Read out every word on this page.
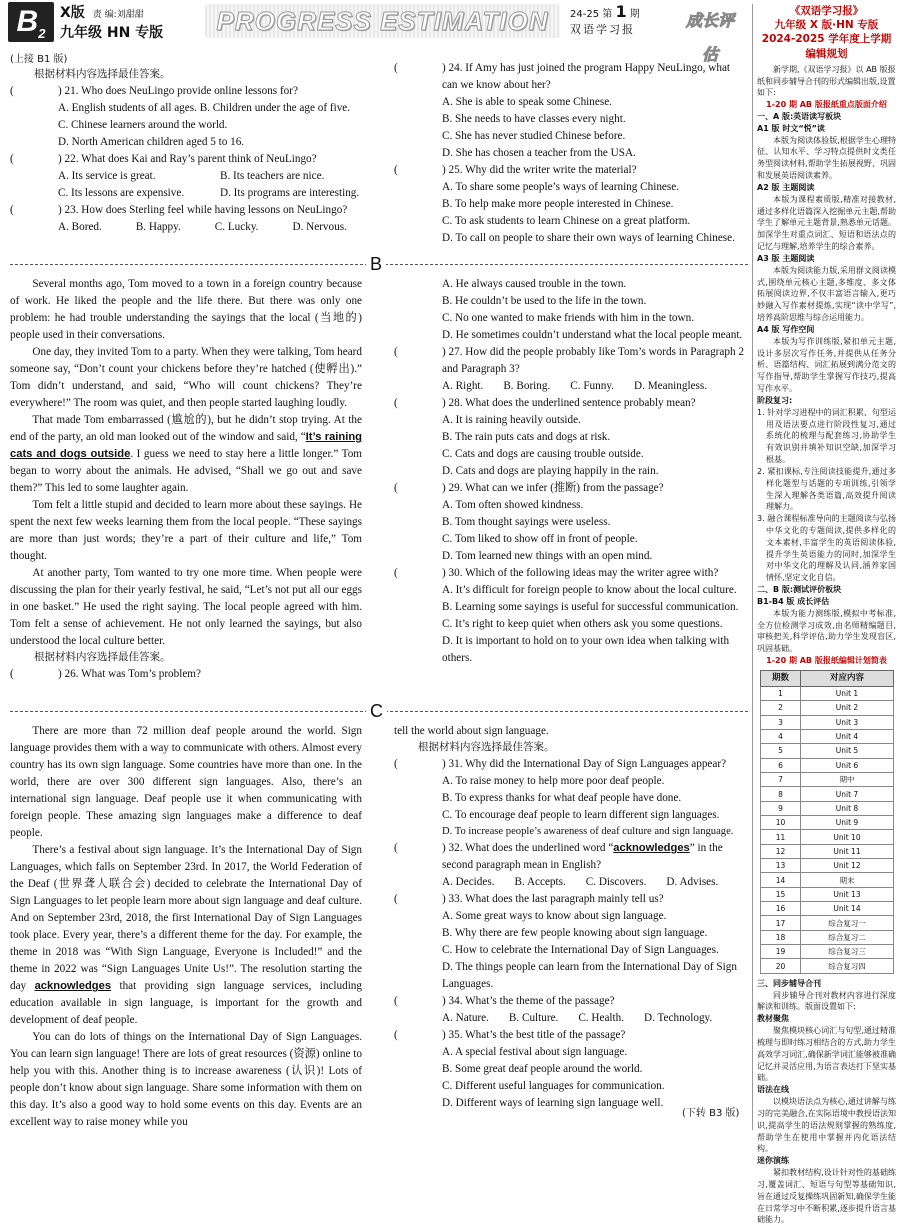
$B_2$
X版 责 编:刘甜甜
九年级 HN 专版	PROGRESS ESTIMATION	24-25 第 1 期
双语学习报	成长评估
(上接 B1 版)
根据材料内容选择最佳答案。
(	) 21. Who does NeuLingo provide online lessons for?
A. English students of all ages. B. Children under the age of five.
C. Chinese learners around the world.
D. North American children aged 5 to 16.
(	) 22. What does Kai and Ray’s parent think of NeuLingo?
A. Its service is great.	B. Its teachers are nice.
C. Its lessons are expensive.	D. Its programs are interesting.
(	) 23. How does Sterling feel while having lessons on NeuLingo?
A. Bored.	B. Happy.	C. Lucky.	D. Nervous.
(	) 24. If Amy has just joined the program Happy NeuLingo, what can we know about her?
A. She is able to speak some Chinese.
B. She needs to have classes every night.
C. She has never studied Chinese before.
D. She has chosen a teacher from the USA.
(	) 25. Why did the writer write the material?
A. To share some people’s ways of learning Chinese.
B. To help make more people interested in Chinese.
C. To ask students to learn Chinese on a great platform.
D. To call on people to share their own ways of learning Chinese.
B
Several months ago, Tom moved to a town in a foreign country because of work. He liked the people and the life there. But there was only one problem: he had trouble understanding the sayings that the local (当地的) people used in their conversations.
One day, they invited Tom to a party. When they were talking, Tom heard someone say, “Don’t count your chickens before they’re hatched (使孵出).” Tom didn’t understand, and said, “Who will count chickens? They’re everywhere!” The room was quiet, and then people started laughing loudly.
That made Tom embarrassed (尴尬的), but he didn’t stop trying. At the end of the party, an old man looked out of the window and said, “It’s raining cats and dogs outside. I guess we need to stay here a little longer.” Tom began to worry about the animals. He advised, “Shall we go out and save them?” This led to some laughter again.
Tom felt a little stupid and decided to learn more about these sayings. He spent the next few weeks learning them from the local people. “These sayings are more than just words; they’re a part of their culture and life,” Tom thought.
At another party, Tom wanted to try one more time. When people were discussing the plan for their yearly festival, he said, “Let’s not put all our eggs in one basket.” He used the right saying. The local people agreed with him. Tom felt a sense of achievement. He not only learned the sayings, but also understood the local culture better.
根据材料内容选择最佳答案。
(	) 26. What was Tom’s problem?
A. He always caused trouble in the town.
B. He couldn’t be used to the life in the town.
C. No one wanted to make friends with him in the town.
D. He sometimes couldn’t understand what the local people meant.
(	) 27. How did the people probably like Tom’s words in Paragraph 2 and Paragraph 3?
A. Right. B. Boring. C. Funny. D. Meaningless.
(	) 28. What does the underlined sentence probably mean?
A. It is raining heavily outside.
B. The rain puts cats and dogs at risk.
C. Cats and dogs are causing trouble outside.
D. Cats and dogs are playing happily in the rain.
(	) 29. What can we infer (推断) from the passage?
A. Tom often showed kindness.
B. Tom thought sayings were useless.
C. Tom liked to show off in front of people.
D. Tom learned new things with an open mind.
(	) 30. Which of the following ideas may the writer agree with?
A. It’s difficult for foreign people to know about the local culture.
B. Learning some sayings is useful for successful communication.
C. It’s right to keep quiet when others ask you some questions.
D. It is important to hold on to your own idea when talking with others.
C
There are more than 72 million deaf people around the world. Sign language provides them with a way to communicate with others. Almost every country has its own sign language. Some countries have more than one. In the world, there are over 300 different sign languages. Also, there’s an international sign language. Deaf people use it when communicating with foreign people. These amazing sign languages make a difference to deaf people.
There’s a festival about sign language. It’s the International Day of Sign Languages, which falls on September 23rd. In 2017, the World Federation of the Deaf (世界聋人联合会) decided to celebrate the International Day of Sign Languages to let people learn more about sign language and deaf culture. And on September 23rd, 2018, the first International Day of Sign Languages took place. Every year, there’s a different theme for the day. For example, the theme in 2018 was “With Sign Language, Everyone is Included!” and the theme in 2022 was “Sign Languages Unite Us!”. The resolution starting the day acknowledges that providing sign language services, including education available in sign language, is important for the growth and development of deaf people.
You can do lots of things on the International Day of Sign Languages. You can learn sign language! There are lots of great resources (资源) online to help you with this. Another thing is to increase awareness (认识)! Lots of people don’t know about sign language. Share some information with them on this day. It’s also a good way to hold some events on this day. Events are an excellent way to raise money while you
tell the world about sign language.
根据材料内容选择最佳答案。
(	) 31. Why did the International Day of Sign Languages appear?
A. To raise money to help more poor deaf people.
B. To express thanks for what deaf people have done.
C. To encourage deaf people to learn different sign languages.
D. To increase people’s awareness of deaf culture and sign language.
(	) 32. What does the underlined word “acknowledges” in the second paragraph mean in English?
A. Decides. B. Accepts. C. Discovers. D. Advises.
(	) 33. What does the last paragraph mainly tell us?
A. Some great ways to know about sign language.
B. Why there are few people knowing about sign language.
C. How to celebrate the International Day of Sign Languages.
D. The things people can learn from the International Day of Sign Languages.
(	) 34. What’s the theme of the passage?
A. Nature. B. Culture. C. Health. D. Technology.
(	) 35. What’s the best title of the passage?
A. A special festival about sign language.
B. Some great deaf people around the world.
C. Different useful languages for communication.
D. Different ways of learning sign language well.
(下转 B3 版)
《双语学习报》
九年级 X 版·HN 专版
2024-2025 学年度上学期
编辑规划
新学期,《双语学习报》以 AB 版报纸和同步辅导合刊的形式编辑出版,设置如下:
1-20 期 AB 版报纸重点版面介绍
一、A 版:英语读写板块
A1 版 时文“悦”读
本版为阅读体验版,根据学生心理特征、认知水平、学习特点提供时文类任务型阅读材料,帮助学生拓展视野、巩固和发展英语阅读素养。
A2 版 主题阅读
本版为课程素质版,精准对接教材,通过多样化语篇深入挖掘单元主题,帮助学生了解单元主题背景,熟悉单元话题。加深学生对重点词汇、短语和语法点的记忆与理解,培养学生的综合素养。
A3 版 主题阅读
本版为阅读能力版,采用群文阅读模式,围绕单元核心主题,多维度、多文体拓展阅读边界,不仅丰富语言输入,更巧妙融入写作素材提炼,实现“读中学写”,培养高阶思维与综合运用能力。
A4 版 写作空间
本版为写作训练版,紧扣单元主题,设计多层次写作任务,并提供从任务分析、语篇结构、词汇拓展到满分范文的写作指导,帮助学生掌握写作技巧,提高写作水平。
阶段复习:
1. 针对学习进程中的词汇积累、句型运用及语法要点进行阶段性复习,通过系统化的梳理与配套练习,协助学生有效识别并填补知识空缺,加深学习根基。
2. 紧扣课标,专注阅读技能提升,通过多样化题型与话题的专项训练,引领学生深入理解各类语篇,高效提升阅读理解力。
3. 融合课程标准导向的主题阅读与弘扬中华文化的专题阅读,提供多样化的文本素材,丰富学生的英语阅读体验,提升学生英语能力的同时,加深学生对中华文化的理解及认同,涵养家国情怀,坚定文化自信。
二、B 版:测试评价板块
B1-B4 版 成长评估
本版为能力测练版,模拟中考标准,全方位检测学习成效,由名师精编题目,审核把关,科学评估,助力学生发现盲区,巩固基础。
1-20 期 AB 版报纸编辑计划简表
期数	对应内容
1	Unit 1
2	Unit 2
3	Unit 3
4	Unit 4
5	Unit 5
6	Unit 6
7	期中
8	Unit 7
9	Unit 8
10	Unit 9
11	Unit 10
12	Unit 11
13	Unit 12
14	期末
15	Unit 13
16	Unit 14
17	综合复习一
18	综合复习二
19	综合复习三
20	综合复习四
三、同步辅导合刊
同步辅导合刊对教材内容进行深度解读和训练。版面设置如下:
教材聚焦
聚焦模块核心词汇与句型,通过精准梳理与即时练习相结合的方式,助力学生高效学习词汇,确保新学词汇能够被准确记忆并灵活应用,为语言表达打下坚实基础。
语法在线
以模块语法点为核心,通过讲解与练习的完美融合,在实际语境中教授语法知识,提高学生的语法规则掌握的熟练度,帮助学生在使用中掌握并内化语法结构。
迷你演练
紧扣教材结构,设计针对性的基础练习,覆盖词汇、短语与句型等基础知识,旨在通过反复操练巩固新知,确保学生能在日常学习中不断积累,逐步提升语言基础能力。
